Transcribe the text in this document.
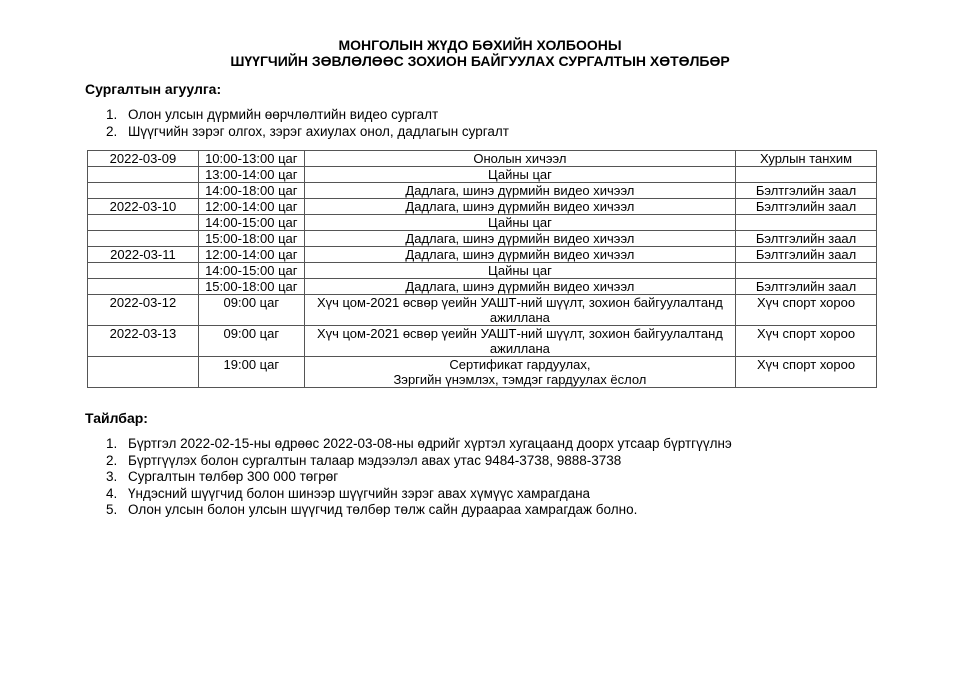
МОНГОЛЫН ЖҮДО БӨХИЙН ХОЛБООНЫ
ШҮҮГЧИЙН ЗӨВЛӨЛӨӨС ЗОХИОН БАЙГУУЛАХ СУРГАЛТЫН ХӨТӨЛБӨР
Сургалтын агуулга:
1. Олон улсын дүрмийн өөрчлөлтийн видео сургалт
2. Шүүгчийн зэрэг олгох, зэрэг ахиулах онол, дадлагын сургалт
2022-03-09	10:00-13:00 цаг	Онолын хичээл	Хурлын танхим
	13:00-14:00 цаг	Цайны цаг	
	14:00-18:00 цаг	Дадлага, шинэ дүрмийн видео хичээл	Бэлтгэлийн заал
2022-03-10	12:00-14:00 цаг	Дадлага, шинэ дүрмийн видео хичээл	Бэлтгэлийн заал
	14:00-15:00 цаг	Цайны цаг	
	15:00-18:00 цаг	Дадлага, шинэ дүрмийн видео хичээл	Бэлтгэлийн заал
2022-03-11	12:00-14:00 цаг	Дадлага, шинэ дүрмийн видео хичээл	Бэлтгэлийн заал
	14:00-15:00 цаг	Цайны цаг	
	15:00-18:00 цаг	Дадлага, шинэ дүрмийн видео хичээл	Бэлтгэлийн заал
2022-03-12	09:00 цаг	Хүч цом-2021 өсвөр үеийн УАШТ-ний шүүлт, зохион байгуулалтанд ажиллана	Хүч спорт хороо
2022-03-13	09:00 цаг	Хүч цом-2021 өсвөр үеийн УАШТ-ний шүүлт, зохион байгуулалтанд ажиллана	Хүч спорт хороо
	19:00 цаг	Сертификат гардуулах,
Зэргийн үнэмлэх, тэмдэг гардуулах ёслол	Хүч спорт хороо
Тайлбар:
1. Бүртгэл 2022-02-15-ны өдрөөс 2022-03-08-ны өдрийг хүртэл хугацаанд доорх утсаар бүртгүүлнэ
2. Бүртгүүлэх болон сургалтын талаар мэдээлэл авах утас 9484-3738, 9888-3738
3. Сургалтын төлбөр 300 000 төгрөг
4. Үндэсний шүүгчид болон шинээр шүүгчийн зэрэг авах хүмүүс хамрагдана
5. Олон улсын болон улсын шүүгчид төлбөр төлж сайн дураараа хамрагдаж болно.
